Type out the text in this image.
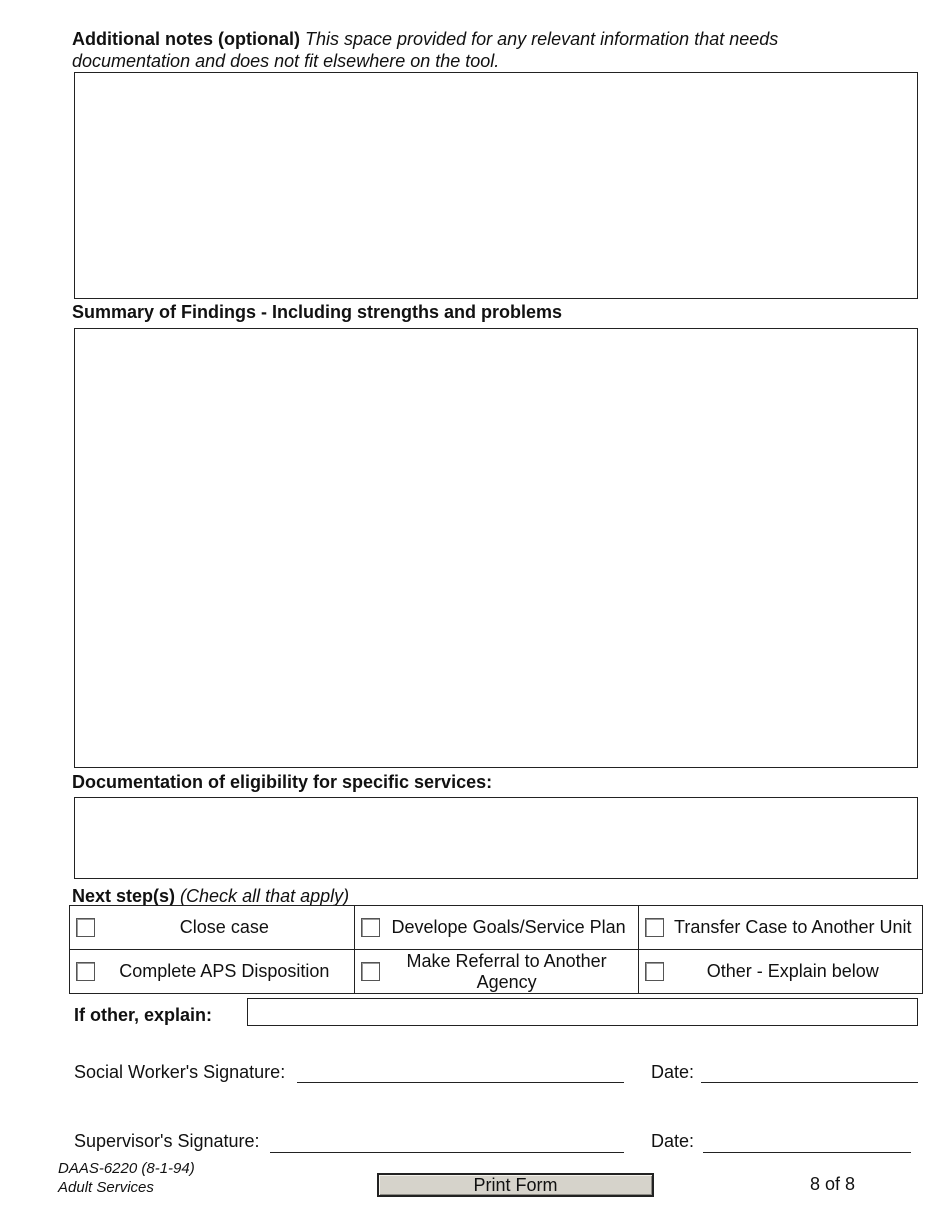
Additional notes (optional) This space provided for any relevant information that needs
documentation and does not fit elsewhere on the tool.
Summary of Findings - Including strengths and problems
Documentation of eligibility for specific services:
Next step(s) (Check all that apply)
Close case	Develope Goals/Service Plan	Transfer Case to Another Unit

Complete APS Disposition	Make Referral to Another Agency	Other - Explain below
If other, explain:
Social Worker's Signature:	Date:
Supervisor's Signature:	Date:
DAAS-6220 (8-1-94)
Adult Services	Print Form	8 of 8
